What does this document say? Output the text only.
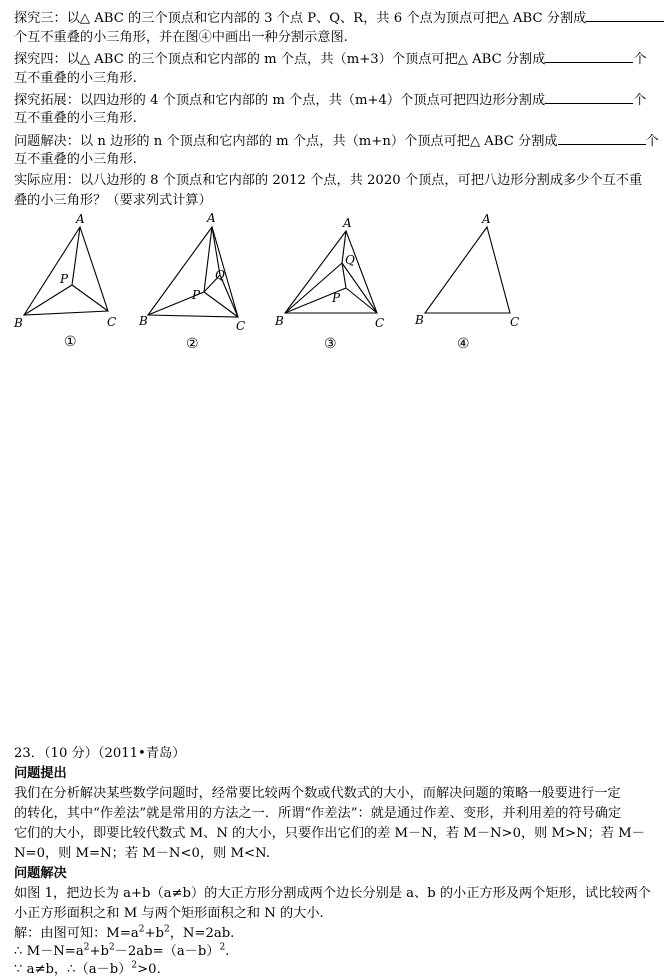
探究三：以△ ABC 的三个顶点和它内部的 3 个点 P、Q、R，共 6 个点为顶点可把△ ABC 分割成
个互不重叠的小三角形，并在图④中画出一种分割示意图.
探究四：以△ ABC 的三个顶点和它内部的 m 个点，共（m+3）个顶点可把△ ABC 分割成	个
互不重叠的小三角形.
探究拓展：以四边形的 4 个顶点和它内部的 m 个点，共（m+4）个顶点可把四边形分割成	个
互不重叠的小三角形.
问题解决：以 n 边形的 n 个顶点和它内部的 m 个点，共（m+n）个顶点可把△ ABC 分割成	个
互不重叠的小三角形.
实际应用：以八边形的 8 个顶点和它内部的 2012 个点，共 2020 个顶点，可把八边形分割成多少个互不重
叠的小三角形？（要求列式计算）
A
B	C
P
A
B	C
P
Q
A
B	C
P
Q
A
B	C
①	②	③	④
23．（10 分）（2011•青岛）
问题提出
我们在分析解决某些数学问题时，经常要比较两个数或代数式的大小，而解决问题的策略一般要进行一定
的转化，其中“作差法”就是常用的方法之一．所谓“作差法”：就是通过作差、变形，并利用差的符号确定
它们的大小，即要比较代数式 M、N 的大小，只要作出它们的差 M－N，若 M－N>0，则 M>N；若 M－
N=0，则 M=N；若 M－N<0，则 M<N.
问题解决
如图 1，把边长为 a+b（a≠b）的大正方形分割成两个边长分别是 a、b 的小正方形及两个矩形，试比较两个
小正方形面积之和 M 与两个矩形面积之和 N 的大小.
解：由图可知：$M=a^2+b^2$，N=2ab.
∴ $M-N=a^2+b^2-2ab=(a-b)^2$.
∵ a≠b，$\therefore(a-b)^2>0$.
